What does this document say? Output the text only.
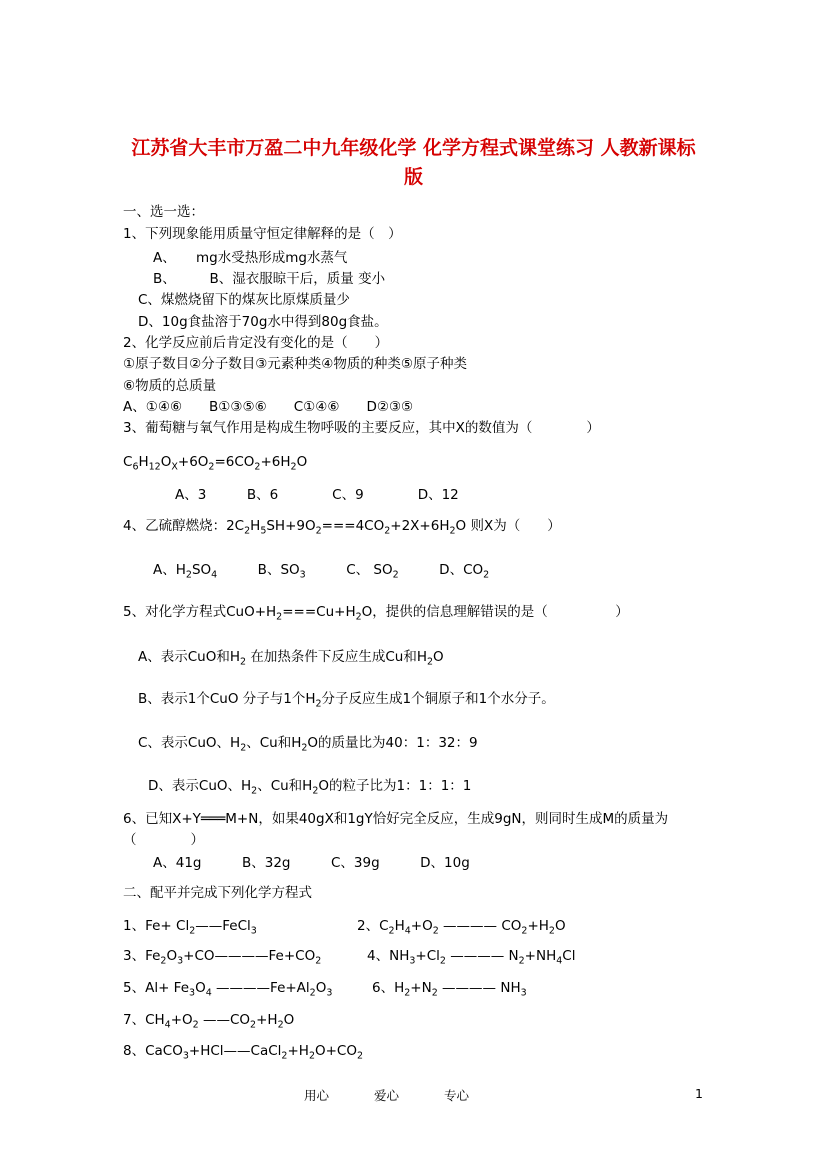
江苏省大丰市万盈二中九年级化学 化学方程式课堂练习 人教新课标
版
一、选一选：
1、下列现象能用质量守恒定律解释的是（　）
A、　　mg水受热形成mg水蒸气
B、　　　B、湿衣服晾干后，质量 变小
C、煤燃烧留下的煤灰比原煤质量少
D、10g食盐溶于70g水中得到80g食盐。
2、化学反应前后肯定没有变化的是（　　）
①原子数目②分子数目③元素种类④物质的种类⑤原子种类
⑥物质的总质量
A、①④⑥　　B①③⑤⑥　　C①④⑥　　D②③⑤
3、葡萄糖与氧气作用是构成生物呼吸的主要反应，其中X的数值为（　　　　）
$C_6H_{12}O_X+6O_2=6CO_2+6H_2O$
A、3　　　B、6　　　　C、9　　　　D、12
4、乙硫醇燃烧：$2C_2H_5SH+9O_2===4CO_2+2X+6H_2O$ 则X为（　　）
A、$H_2SO_4$　　　B、$SO_3$　　　C、 $SO_2$　　　D、$CO_2$
5、对化学方程式$CuO+H_2===Cu+H_2O$，提供的信息理解错误的是（　　　　　）
A、表示CuO和$H_2$ 在加热条件下反应生成Cu和$H_2O$
B、表示1个CuO 分子与1个$H_2$分子反应生成1个铜原子和1个水分子。
C、表示CuO、$H_2$、Cu和$H_2O$的质量比为40：1：32：9
D、表示CuO、$H_2$、Cu和$H_2O$的粒子比为1：1：1：1
6、已知X+Y═══M+N，如果40gX和1gY恰好完全反应，生成9gN，则同时生成M的质量为
（　　　　）
A、41g　　　B、32g　　　C、39g　　　D、10g
二、配平并完成下列化学方程式
1、$Fe+ Cl_2——FeCl_3$	2、$C_2H_4+O_2$ ———— $CO_2+H_2O$
3、$Fe_2O_3+CO————Fe+CO_2$	4、$NH_3+Cl_2$ ———— $N_2+NH_4Cl$
5、$Al+ Fe_3O_4$ $————Fe+Al_2O_3$	6、$H_2+N_2$ ———— $NH_3$
7、$CH_4+O_2$ $——CO_2+H_2O$
8、$CaCO_3+HCl——CaCl_2+H_2O+CO_2$
用心	爱心	专心	1
